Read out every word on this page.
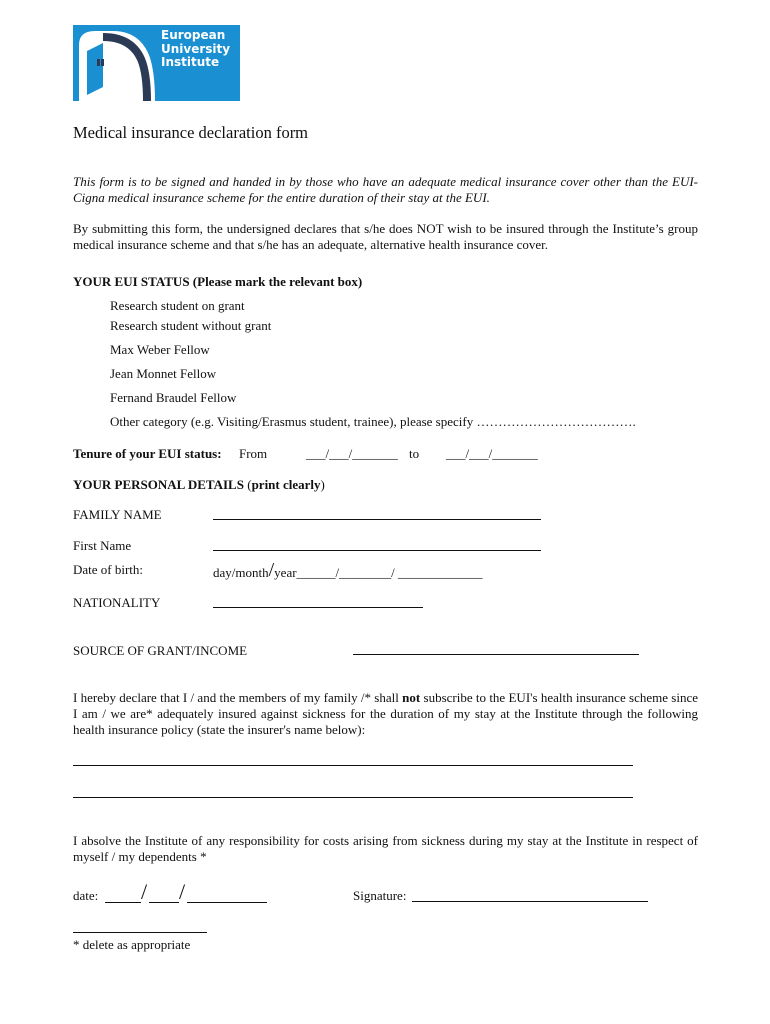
European
University
Institute
Medical insurance declaration form
This form is to be signed and handed in by those who have an adequate medical insurance cover other than the EUI-Cigna medical insurance scheme for the entire duration of their stay at the EUI.
By submitting this form, the undersigned declares that s/he does NOT wish to be insured through the Institute’s group medical insurance scheme and that s/he has an adequate, alternative health insurance cover.
YOUR EUI STATUS (Please mark the relevant box)
Research student on grant
Research student without grant
Max Weber Fellow
Jean Monnet Fellow
Fernand Braudel Fellow
Other category (e.g. Visiting/Erasmus student, trainee), please specify ……………………………….
Tenure of your EUI status: From	___/___/_______ to ___/___/_______
YOUR PERSONAL DETAILS (print clearly)
FAMILY NAME
First Name
Date of birth:	day/month/year______/________/ _____________
NATIONALITY
SOURCE OF GRANT/INCOME
I hereby declare that I / and the members of my family /* shall not subscribe to the EUI's health insurance scheme since I am / we are* adequately insured against sickness for the duration of my stay at the Institute through the following health insurance policy (state the insurer's name below):
I absolve the Institute of any responsibility for costs arising from sickness during my stay at the Institute in respect of myself / my dependents *
date: / /	Signature:
* delete as appropriate
